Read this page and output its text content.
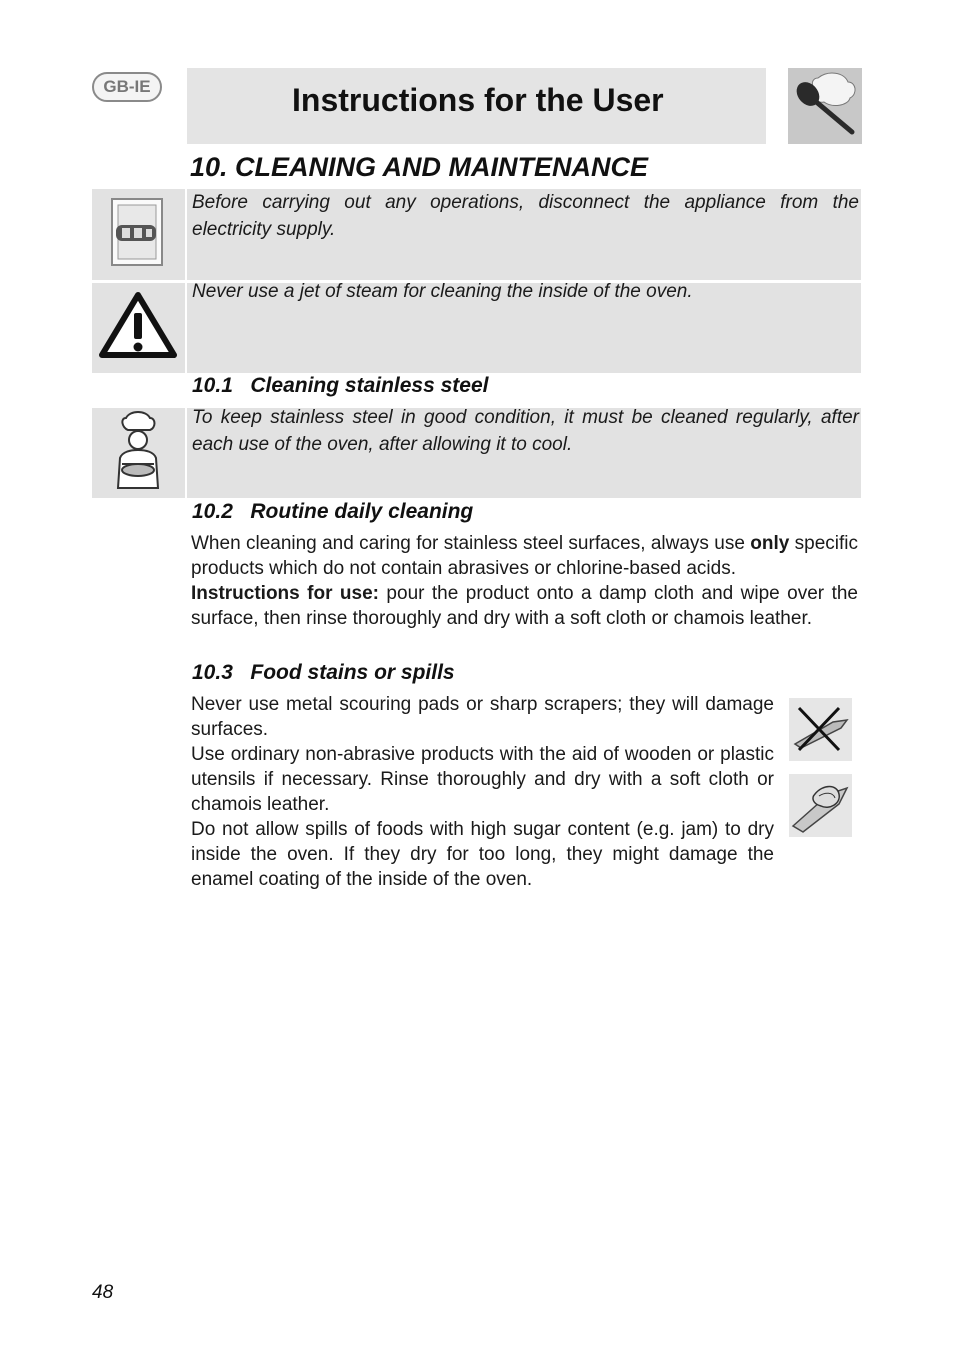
GB-IE	Instructions for the User
10. CLEANING AND MAINTENANCE
Before carrying out any operations, disconnect the appliance from the electricity supply.
Never use a jet of steam for cleaning the inside of the oven.
10.1 Cleaning stainless steel
To keep stainless steel in good condition, it must be cleaned regularly, after each use of the oven, after allowing it to cool.
10.2 Routine daily cleaning

When cleaning and caring for stainless steel surfaces, always use only specific products which do not contain abrasives or chlorine-based acids.

Instructions for use: pour the product onto a damp cloth and wipe over the surface, then rinse thoroughly and dry with a soft cloth or chamois leather.

10.3 Food stains or spills

Never use metal scouring pads or sharp scrapers; they will damage surfaces.

Use ordinary non-abrasive products with the aid of wooden or plastic utensils if necessary. Rinse thoroughly and dry with a soft cloth or chamois leather.

Do not allow spills of foods with high sugar content (e.g. jam) to dry inside the oven. If they dry for too long, they might damage the enamel coating of the inside of the oven.

48
